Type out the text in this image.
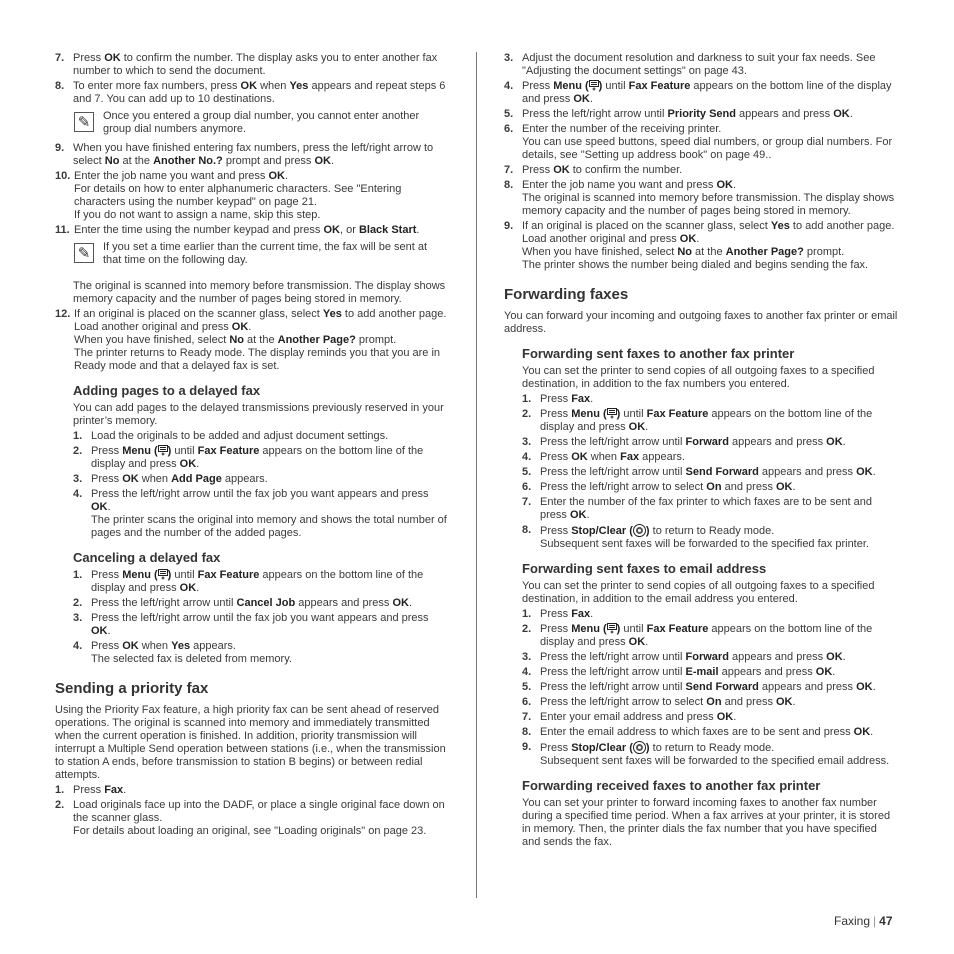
7. Press OK to confirm the number. The display asks you to enter another fax number to which to send the document.
8. To enter more fax numbers, press OK when Yes appears and repeat steps 6 and 7. You can add up to 10 destinations.
✎	Once you entered a group dial number, you cannot enter another group dial numbers anymore.
9. When you have finished entering fax numbers, press the left/right arrow to select No at the Another No.? prompt and press OK.
10. Enter the job name you want and press OK.
For details on how to enter alphanumeric characters. See "Entering characters using the number keypad" on page 21.
If you do not want to assign a name, skip this step.
11. Enter the time using the number keypad and press OK, or Black Start.
✎	If you set a time earlier than the current time, the fax will be sent at that time on the following day.
The original is scanned into memory before transmission. The display shows memory capacity and the number of pages being stored in memory.
12. If an original is placed on the scanner glass, select Yes to add another page. Load another original and press OK.
When you have finished, select No at the Another Page? prompt.
The printer returns to Ready mode. The display reminds you that you are in Ready mode and that a delayed fax is set.
Adding pages to a delayed fax
You can add pages to the delayed transmissions previously reserved in your printer’s memory.
1. Load the originals to be added and adjust document settings.
2. Press Menu ( ) until Fax Feature appears on the bottom line of the display and press OK.
3. Press OK when Add Page appears.
4. Press the left/right arrow until the fax job you want appears and press OK.
The printer scans the original into memory and shows the total number of pages and the number of the added pages.
Canceling a delayed fax
1. Press Menu ( ) until Fax Feature appears on the bottom line of the display and press OK.
2. Press the left/right arrow until Cancel Job appears and press OK.
3. Press the left/right arrow until the fax job you want appears and press OK.
4. Press OK when Yes appears.
The selected fax is deleted from memory.
Sending a priority fax
Using the Priority Fax feature, a high priority fax can be sent ahead of reserved operations. The original is scanned into memory and immediately transmitted when the current operation is finished. In addition, priority transmission will interrupt a Multiple Send operation between stations (i.e., when the transmission to station A ends, before transmission to station B begins) or between redial attempts.
1. Press Fax.
2. Load originals face up into the DADF, or place a single original face down on the scanner glass.
For details about loading an original, see "Loading originals" on page 23.
3. Adjust the document resolution and darkness to suit your fax needs. See "Adjusting the document settings" on page 43.
4. Press Menu ( ) until Fax Feature appears on the bottom line of the display and press OK.
5. Press the left/right arrow until Priority Send appears and press OK.
6. Enter the number of the receiving printer.
You can use speed buttons, speed dial numbers, or group dial numbers. For details, see "Setting up address book" on page 49..
7. Press OK to confirm the number.
8. Enter the job name you want and press OK.
The original is scanned into memory before transmission. The display shows memory capacity and the number of pages being stored in memory.
9. If an original is placed on the scanner glass, select Yes to add another page. Load another original and press OK.
When you have finished, select No at the Another Page? prompt.
The printer shows the number being dialed and begins sending the fax.
Forwarding faxes
You can forward your incoming and outgoing faxes to another fax printer or email address.
Forwarding sent faxes to another fax printer
You can set the printer to send copies of all outgoing faxes to a specified destination, in addition to the fax numbers you entered.
1. Press Fax.
2. Press Menu ( ) until Fax Feature appears on the bottom line of the display and press OK.
3. Press the left/right arrow until Forward appears and press OK.
4. Press OK when Fax appears.
5. Press the left/right arrow until Send Forward appears and press OK.
6. Press the left/right arrow to select On and press OK.
7. Enter the number of the fax printer to which faxes are to be sent and press OK.
8. Press Stop/Clear ( ) to return to Ready mode.
Subsequent sent faxes will be forwarded to the specified fax printer.
Forwarding sent faxes to email address
You can set the printer to send copies of all outgoing faxes to a specified destination, in addition to the email address you entered.
1. Press Fax.
2. Press Menu ( ) until Fax Feature appears on the bottom line of the display and press OK.
3. Press the left/right arrow until Forward appears and press OK.
4. Press the left/right arrow until E-mail appears and press OK.
5. Press the left/right arrow until Send Forward appears and press OK.
6. Press the left/right arrow to select On and press OK.
7. Enter your email address and press OK.
8. Enter the email address to which faxes are to be sent and press OK.
9. Press Stop/Clear ( ) to return to Ready mode.
Subsequent sent faxes will be forwarded to the specified email address.
Forwarding received faxes to another fax printer
You can set your printer to forward incoming faxes to another fax number during a specified time period. When a fax arrives at your printer, it is stored in memory. Then, the printer dials the fax number that you have specified and sends the fax.
Faxing | 47
